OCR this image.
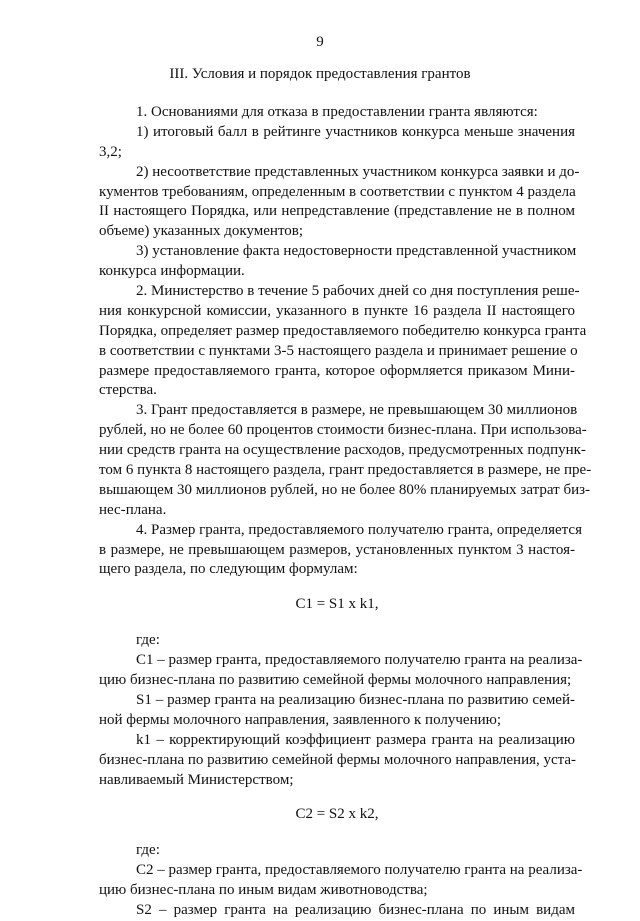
9
III. Условия и порядок предоставления грантов
1. Основаниями для отказа в предоставлении гранта являются:
1) итоговый балл в рейтинге участников конкурса меньше значения
3,2;
2) несоответствие представленных участником конкурса заявки и до-
кументов требованиям, определенным в соответствии с пунктом 4 раздела
II настоящего Порядка, или непредставление (представление не в полном
объеме) указанных документов;
3) установление факта недостоверности представленной участником
конкурса информации.
2. Министерство в течение 5 рабочих дней со дня поступления реше-
ния конкурсной комиссии, указанного в пункте 16 раздела II настоящего
Порядка, определяет размер предоставляемого победителю конкурса гранта
в соответствии с пунктами 3-5 настоящего раздела и принимает решение о
размере предоставляемого гранта, которое оформляется приказом Мини-
стерства.
3. Грант предоставляется в размере, не превышающем 30 миллионов
рублей, но не более 60 процентов стоимости бизнес-плана. При использова-
нии средств гранта на осуществление расходов, предусмотренных подпунк-
том 6 пункта 8 настоящего раздела, грант предоставляется в размере, не пре-
вышающем 30 миллионов рублей, но не более 80% планируемых затрат биз-
нес-плана.
4. Размер гранта, предоставляемого получателю гранта, определяется
в размере, не превышающем размеров, установленных пунктом 3 настоя-
щего раздела, по следующим формулам:
C1 = S1 x k1,
где:
C1 – размер гранта, предоставляемого получателю гранта на реализа-
цию бизнес-плана по развитию семейной фермы молочного направления;
S1 – размер гранта на реализацию бизнес-плана по развитию семей-
ной фермы молочного направления, заявленного к получению;
k1 – корректирующий коэффициент размера гранта на реализацию
бизнес-плана по развитию семейной фермы молочного направления, уста-
навливаемый Министерством;
C2 = S2 x k2,
где:
C2 – размер гранта, предоставляемого получателю гранта на реализа-
цию бизнес-плана по иным видам животноводства;
S2 – размер гранта на реализацию бизнес-плана по иным видам
